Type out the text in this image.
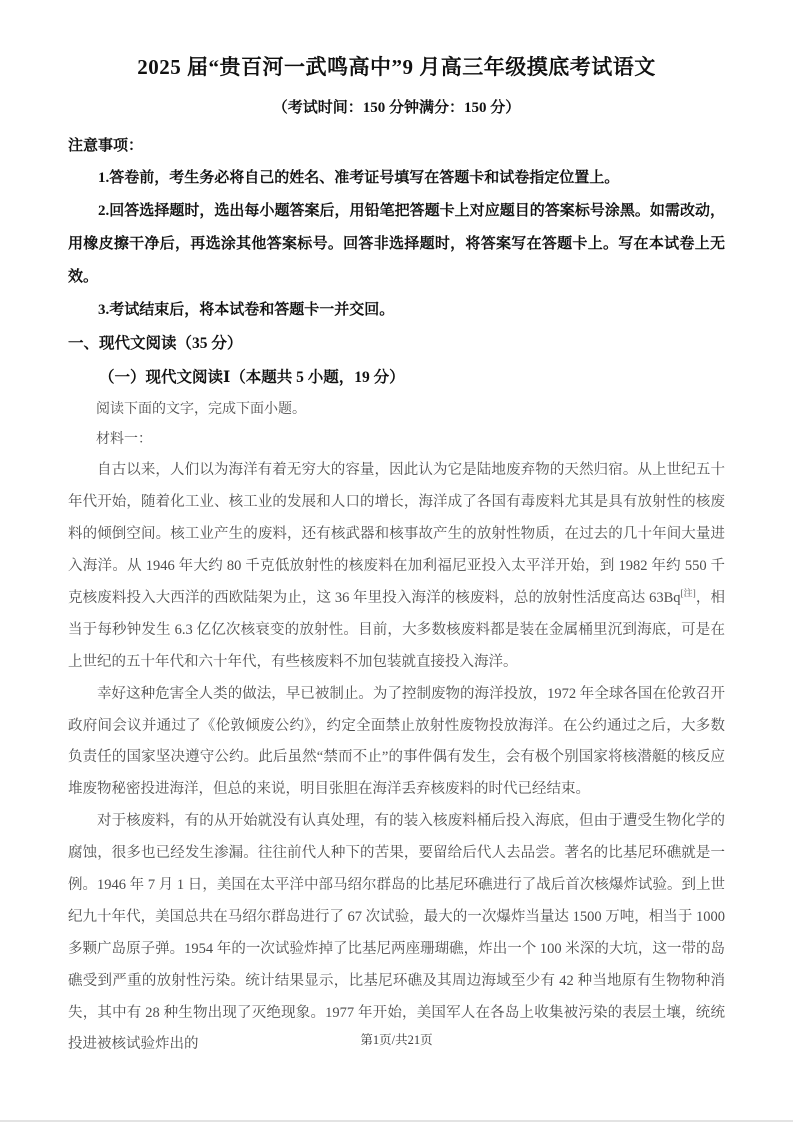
2025 届“贵百河一武鸣高中”9 月高三年级摸底考试语文
（考试时间：150 分钟满分：150 分）
注意事项：

1.答卷前，考生务必将自己的姓名、准考证号填写在答题卡和试卷指定位置上。

2.回答选择题时，选出每小题答案后，用铅笔把答题卡上对应题目的答案标号涂黑。如需改动，用橡皮擦干净后，再选涂其他答案标号。回答非选择题时，将答案写在答题卡上。写在本试卷上无效。

3.考试结束后，将本试卷和答题卡一并交回。

一、现代文阅读（35 分）
（一）现代文阅读Ⅰ（本题共 5 小题，19 分）
阅读下面的文字，完成下面小题。
材料一：

自古以来，人们以为海洋有着无穷大的容量，因此认为它是陆地废弃物的天然归宿。从上世纪五十年代开始，随着化工业、核工业的发展和人口的增长，海洋成了各国有毒废料尤其是具有放射性的核废料的倾倒空间。核工业产生的废料，还有核武器和核事故产生的放射性物质，在过去的几十年间大量进入海洋。从 1946 年大约 80 千克低放射性的核废料在加利福尼亚投入太平洋开始，到 1982 年约 550 千克核废料投入大西洋的西欧陆架为止，这 36 年里投入海洋的核废料，总的放射性活度高达 63Bq[注]，相当于每秒钟发生 6.3 亿亿次核衰变的放射性。目前，大多数核废料都是装在金属桶里沉到海底，可是在上世纪的五十年代和六十年代，有些核废料不加包装就直接投入海洋。

幸好这种危害全人类的做法，早已被制止。为了控制废物的海洋投放，1972 年全球各国在伦敦召开政府间会议并通过了《伦敦倾废公约》，约定全面禁止放射性废物投放海洋。在公约通过之后，大多数负责任的国家坚决遵守公约。此后虽然“禁而不止”的事件偶有发生，会有极个别国家将核潜艇的核反应堆废物秘密投进海洋，但总的来说，明目张胆在海洋丢弃核废料的时代已经结束。

对于核废料，有的从开始就没有认真处理，有的装入核废料桶后投入海底，但由于遭受生物化学的腐蚀，很多也已经发生渗漏。往往前代人种下的苦果，要留给后代人去品尝。著名的比基尼环礁就是一例。1946 年 7 月 1 日，美国在太平洋中部马绍尔群岛的比基尼环礁进行了战后首次核爆炸试验。到上世纪九十年代，美国总共在马绍尔群岛进行了 67 次试验，最大的一次爆炸当量达 1500 万吨，相当于 1000 多颗广岛原子弹。1954 年的一次试验炸掉了比基尼两座珊瑚礁，炸出一个 100 米深的大坑，这一带的岛礁受到严重的放射性污染。统计结果显示，比基尼环礁及其周边海域至少有 42 种当地原有生物物种消失，其中有 28 种生物出现了灭绝现象。1977 年开始，美国军人在各岛上收集被污染的表层土壤，统统投进被核试验炸出的	第1页/共21页
